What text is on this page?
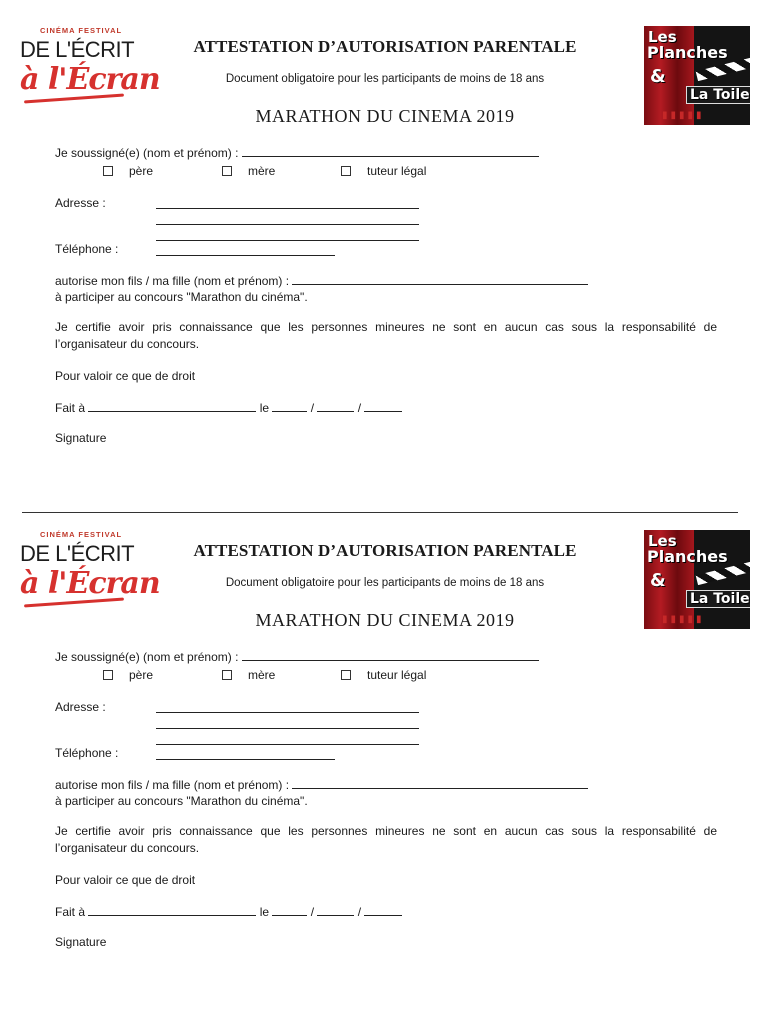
CINÉMA FESTIVAL
DE L'ÉCRIT
à l'Écran
ATTESTATION D’AUTORISATION PARENTALE
Document obligatoire pour les participants de moins de 18 ans
MARATHON DU CINEMA 2019
Les
Planches
&
La Toile
▮▮▮▮▮
Je soussigné(e) (nom et prénom) :
père	mère	tuteur légal
Adresse :
Téléphone :
autorise mon fils / ma fille (nom et prénom) :
à participer au concours "Marathon du cinéma".
Je certifie avoir pris connaissance que les personnes mineures ne sont en aucun cas sous la responsabilité de l’organisateur du concours.
Pour valoir ce que de droit
Fait à	le	/	/
Signature
CINÉMA FESTIVAL
DE L'ÉCRIT
à l'Écran
ATTESTATION D’AUTORISATION PARENTALE
Document obligatoire pour les participants de moins de 18 ans
MARATHON DU CINEMA 2019
Les
Planches
&
La Toile
▮▮▮▮▮
Je soussigné(e) (nom et prénom) :
père	mère	tuteur légal
Adresse :
Téléphone :
autorise mon fils / ma fille (nom et prénom) :
à participer au concours "Marathon du cinéma".
Je certifie avoir pris connaissance que les personnes mineures ne sont en aucun cas sous la responsabilité de l’organisateur du concours.
Pour valoir ce que de droit
Fait à	le	/	/
Signature
